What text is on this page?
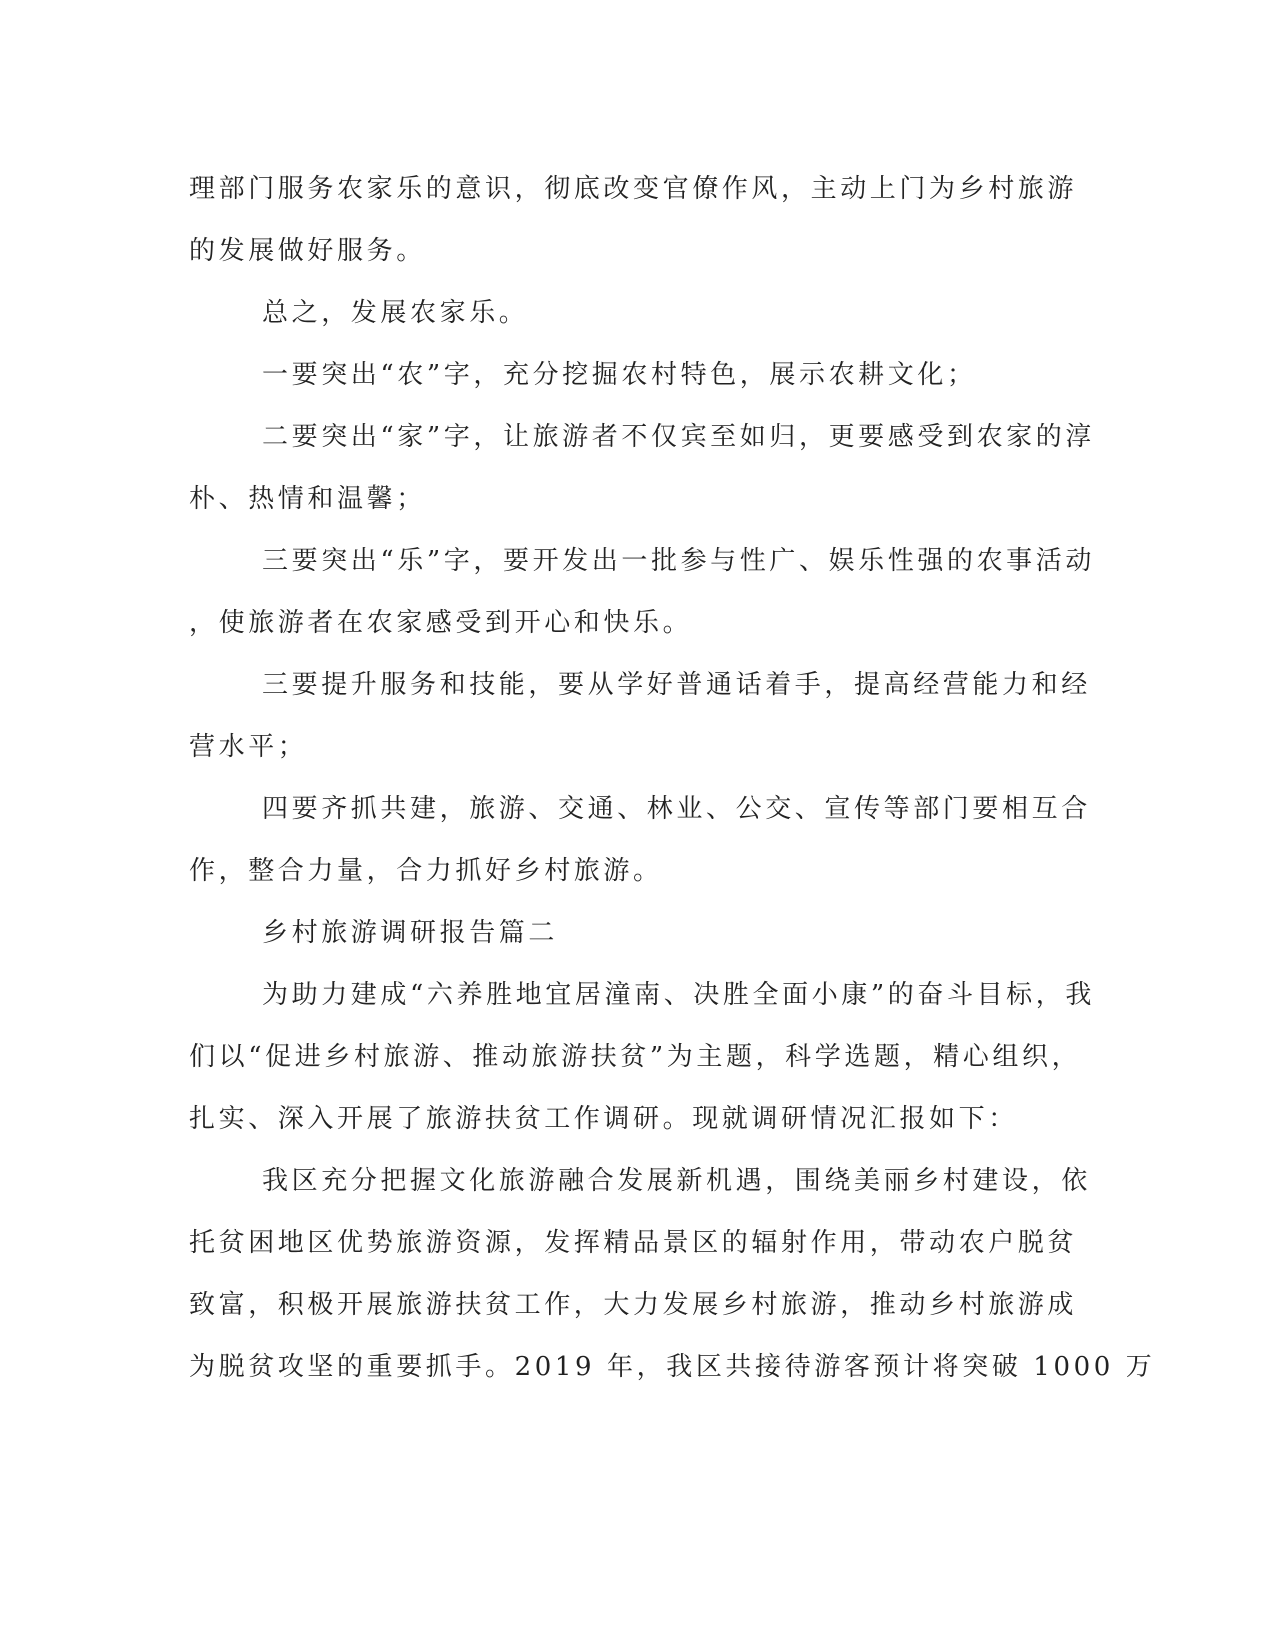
理部门服务农家乐的意识，彻底改变官僚作风，主动上门为乡村旅游
的发展做好服务。
总之，发展农家乐。
一要突出“农”字，充分挖掘农村特色，展示农耕文化；
二要突出“家”字，让旅游者不仅宾至如归，更要感受到农家的淳
朴、热情和温馨；
三要突出“乐”字，要开发出一批参与性广、娱乐性强的农事活动
，使旅游者在农家感受到开心和快乐。
三要提升服务和技能，要从学好普通话着手，提高经营能力和经
营水平；
四要齐抓共建，旅游、交通、林业、公交、宣传等部门要相互合
作，整合力量，合力抓好乡村旅游。
乡村旅游调研报告篇二
为助力建成“六养胜地宜居潼南、决胜全面小康”的奋斗目标，我
们以“促进乡村旅游、推动旅游扶贫”为主题，科学选题，精心组织，
扎实、深入开展了旅游扶贫工作调研。现就调研情况汇报如下：
我区充分把握文化旅游融合发展新机遇，围绕美丽乡村建设，依
托贫困地区优势旅游资源，发挥精品景区的辐射作用，带动农户脱贫
致富，积极开展旅游扶贫工作，大力发展乡村旅游，推动乡村旅游成
为脱贫攻坚的重要抓手。2019 年，我区共接待游客预计将突破 1000 万
